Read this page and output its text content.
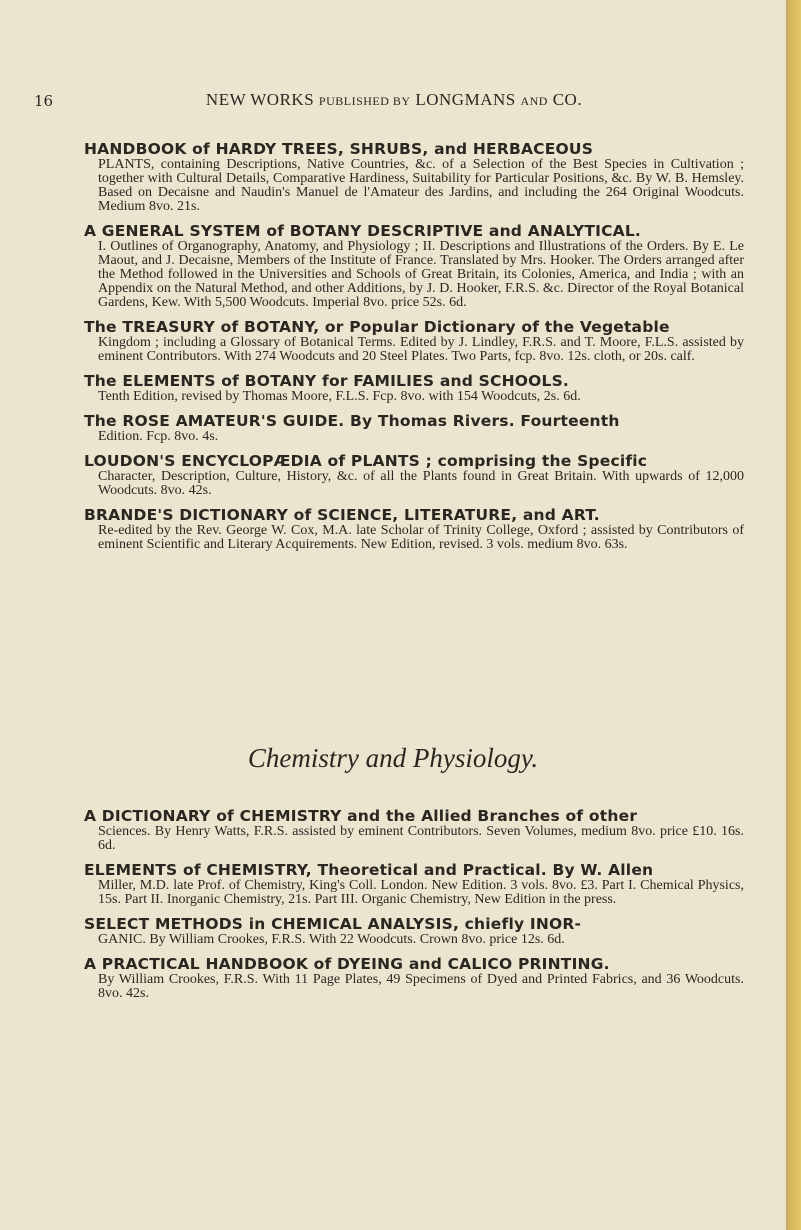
16	NEW WORKS PUBLISHED BY LONGMANS AND CO.
HANDBOOK of HARDY TREES, SHRUBS, and HERBACEOUS
PLANTS, containing Descriptions, Native Countries, &c. of a Selection of the Best Species in Cultivation ; together with Cultural Details, Comparative Hardiness, Suitability for Particular Positions, &c. By W. B. Hemsley. Based on Decaisne and Naudin's Manuel de l'Amateur des Jardins, and including the 264 Original Woodcuts. Medium 8vo. 21s.
A GENERAL SYSTEM of BOTANY DESCRIPTIVE and ANALYTICAL.
I. Outlines of Organography, Anatomy, and Physiology ; II. Descriptions and Illustrations of the Orders. By E. Le Maout, and J. Decaisne, Members of the Institute of France. Translated by Mrs. Hooker. The Orders arranged after the Method followed in the Universities and Schools of Great Britain, its Colonies, America, and India ; with an Appendix on the Natural Method, and other Additions, by J. D. Hooker, F.R.S. &c. Director of the Royal Botanical Gardens, Kew. With 5,500 Woodcuts. Imperial 8vo. price 52s. 6d.
The TREASURY of BOTANY, or Popular Dictionary of the Vegetable
Kingdom ; including a Glossary of Botanical Terms. Edited by J. Lindley, F.R.S. and T. Moore, F.L.S. assisted by eminent Contributors. With 274 Woodcuts and 20 Steel Plates. Two Parts, fcp. 8vo. 12s. cloth, or 20s. calf.
The ELEMENTS of BOTANY for FAMILIES and SCHOOLS.
Tenth Edition, revised by Thomas Moore, F.L.S. Fcp. 8vo. with 154 Woodcuts, 2s. 6d.
The ROSE AMATEUR'S GUIDE. By Thomas Rivers. Fourteenth
Edition. Fcp. 8vo. 4s.
LOUDON'S ENCYCLOPÆDIA of PLANTS ; comprising the Specific
Character, Description, Culture, History, &c. of all the Plants found in Great Britain. With upwards of 12,000 Woodcuts. 8vo. 42s.
BRANDE'S DICTIONARY of SCIENCE, LITERATURE, and ART.
Re-edited by the Rev. George W. Cox, M.A. late Scholar of Trinity College, Oxford ; assisted by Contributors of eminent Scientific and Literary Acquirements. New Edition, revised. 3 vols. medium 8vo. 63s.
Chemistry and Physiology.
A DICTIONARY of CHEMISTRY and the Allied Branches of other
Sciences. By Henry Watts, F.R.S. assisted by eminent Contributors. Seven Volumes, medium 8vo. price £10. 16s. 6d.
ELEMENTS of CHEMISTRY, Theoretical and Practical. By W. Allen
Miller, M.D. late Prof. of Chemistry, King's Coll. London. New Edition. 3 vols. 8vo. £3. Part I. Chemical Physics, 15s. Part II. Inorganic Chemistry, 21s. Part III. Organic Chemistry, New Edition in the press.
SELECT METHODS in CHEMICAL ANALYSIS, chiefly INOR-
GANIC. By William Crookes, F.R.S. With 22 Woodcuts. Crown 8vo. price 12s. 6d.
A PRACTICAL HANDBOOK of DYEING and CALICO PRINTING.
By William Crookes, F.R.S. With 11 Page Plates, 49 Specimens of Dyed and Printed Fabrics, and 36 Woodcuts. 8vo. 42s.
